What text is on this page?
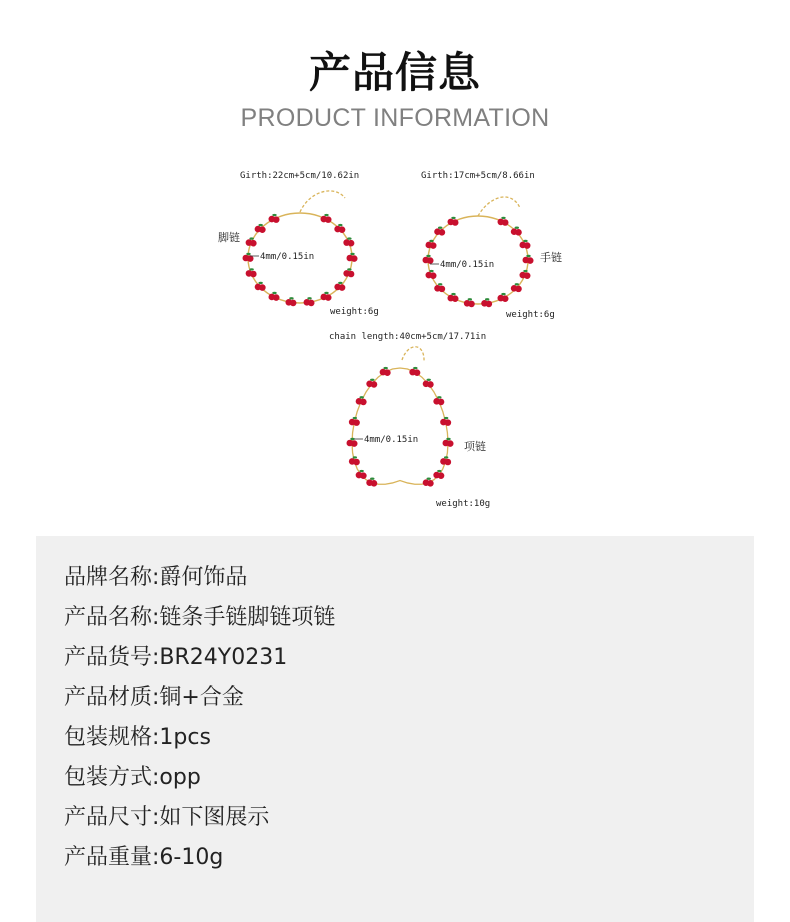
产品信息
PRODUCT INFORMATION
Girth:22cm+5cm/10.62in
脚链
4mm/0.15in
weight:6g
Girth:17cm+5cm/8.66in
手链
4mm/0.15in
weight:6g
chain length:40cm+5cm/17.71in
4mm/0.15in	项链
weight:10g
品牌名称:爵何饰品
产品名称:链条手链脚链项链
产品货号:BR24Y0231
产品材质:铜+合金
包装规格:1pcs
包装方式:opp
产品尺寸:如下图展示
产品重量:6-10g
